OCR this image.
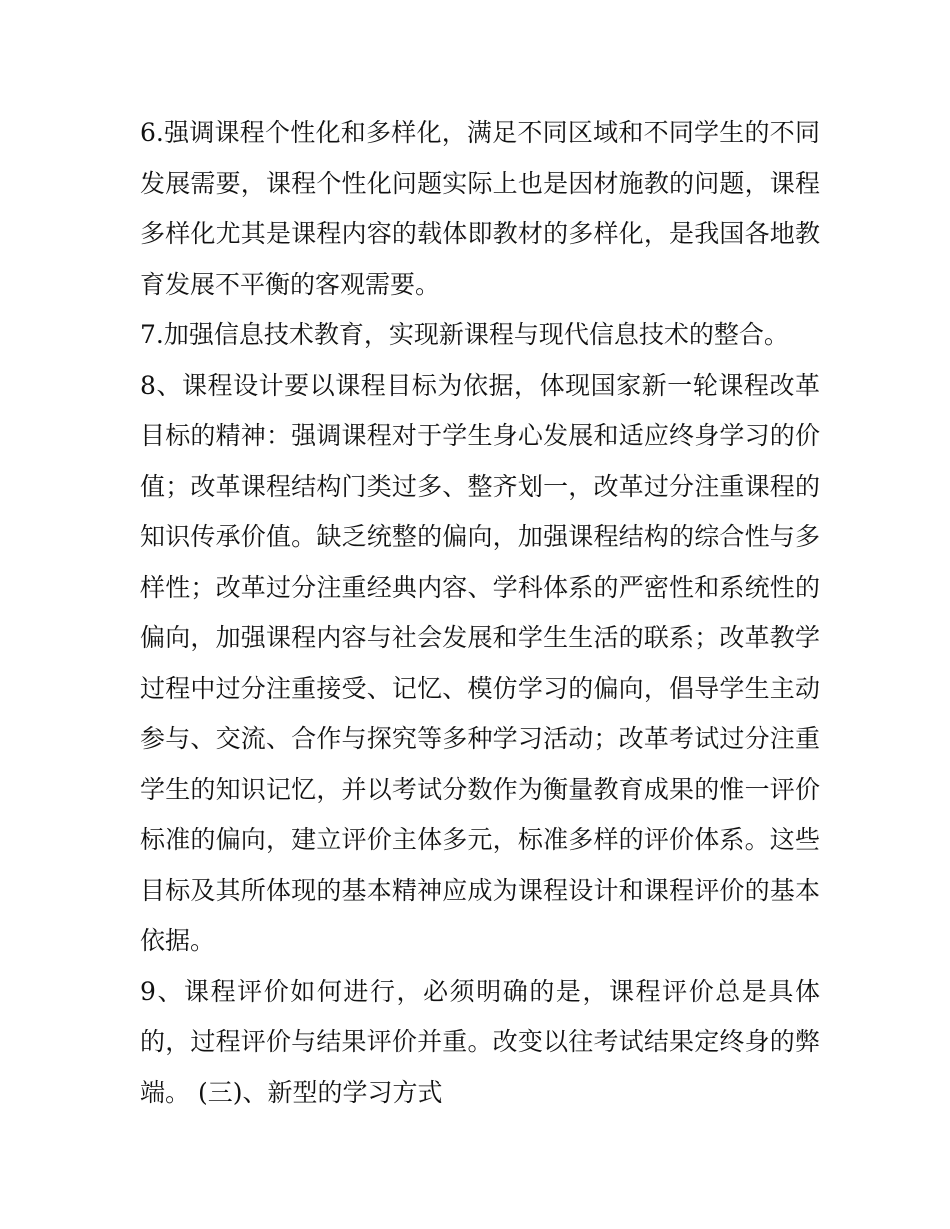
6.强调课程个性化和多样化，满足不同区域和不同学生的不同发展需要，课程个性化问题实际上也是因材施教的问题，课程多样化尤其是课程内容的载体即教材的多样化，是我国各地教育发展不平衡的客观需要。

7.加强信息技术教育，实现新课程与现代信息技术的整合。

8、课程设计要以课程目标为依据，体现国家新一轮课程改革目标的精神：强调课程对于学生身心发展和适应终身学习的价值；改革课程结构门类过多、整齐划一，改革过分注重课程的知识传承价值。缺乏统整的偏向，加强课程结构的综合性与多样性；改革过分注重经典内容、学科体系的严密性和系统性的偏向，加强课程内容与社会发展和学生生活的联系；改革教学过程中过分注重接受、记忆、模仿学习的偏向，倡导学生主动参与、交流、合作与探究等多种学习活动；改革考试过分注重学生的知识记忆，并以考试分数作为衡量教育成果的惟一评价标准的偏向，建立评价主体多元，标准多样的评价体系。这些目标及其所体现的基本精神应成为课程设计和课程评价的基本依据。

9、课程评价如何进行，必须明确的是，课程评价总是具体的，过程评价与结果评价并重。改变以往考试结果定终身的弊端。 (三)、新型的学习方式
